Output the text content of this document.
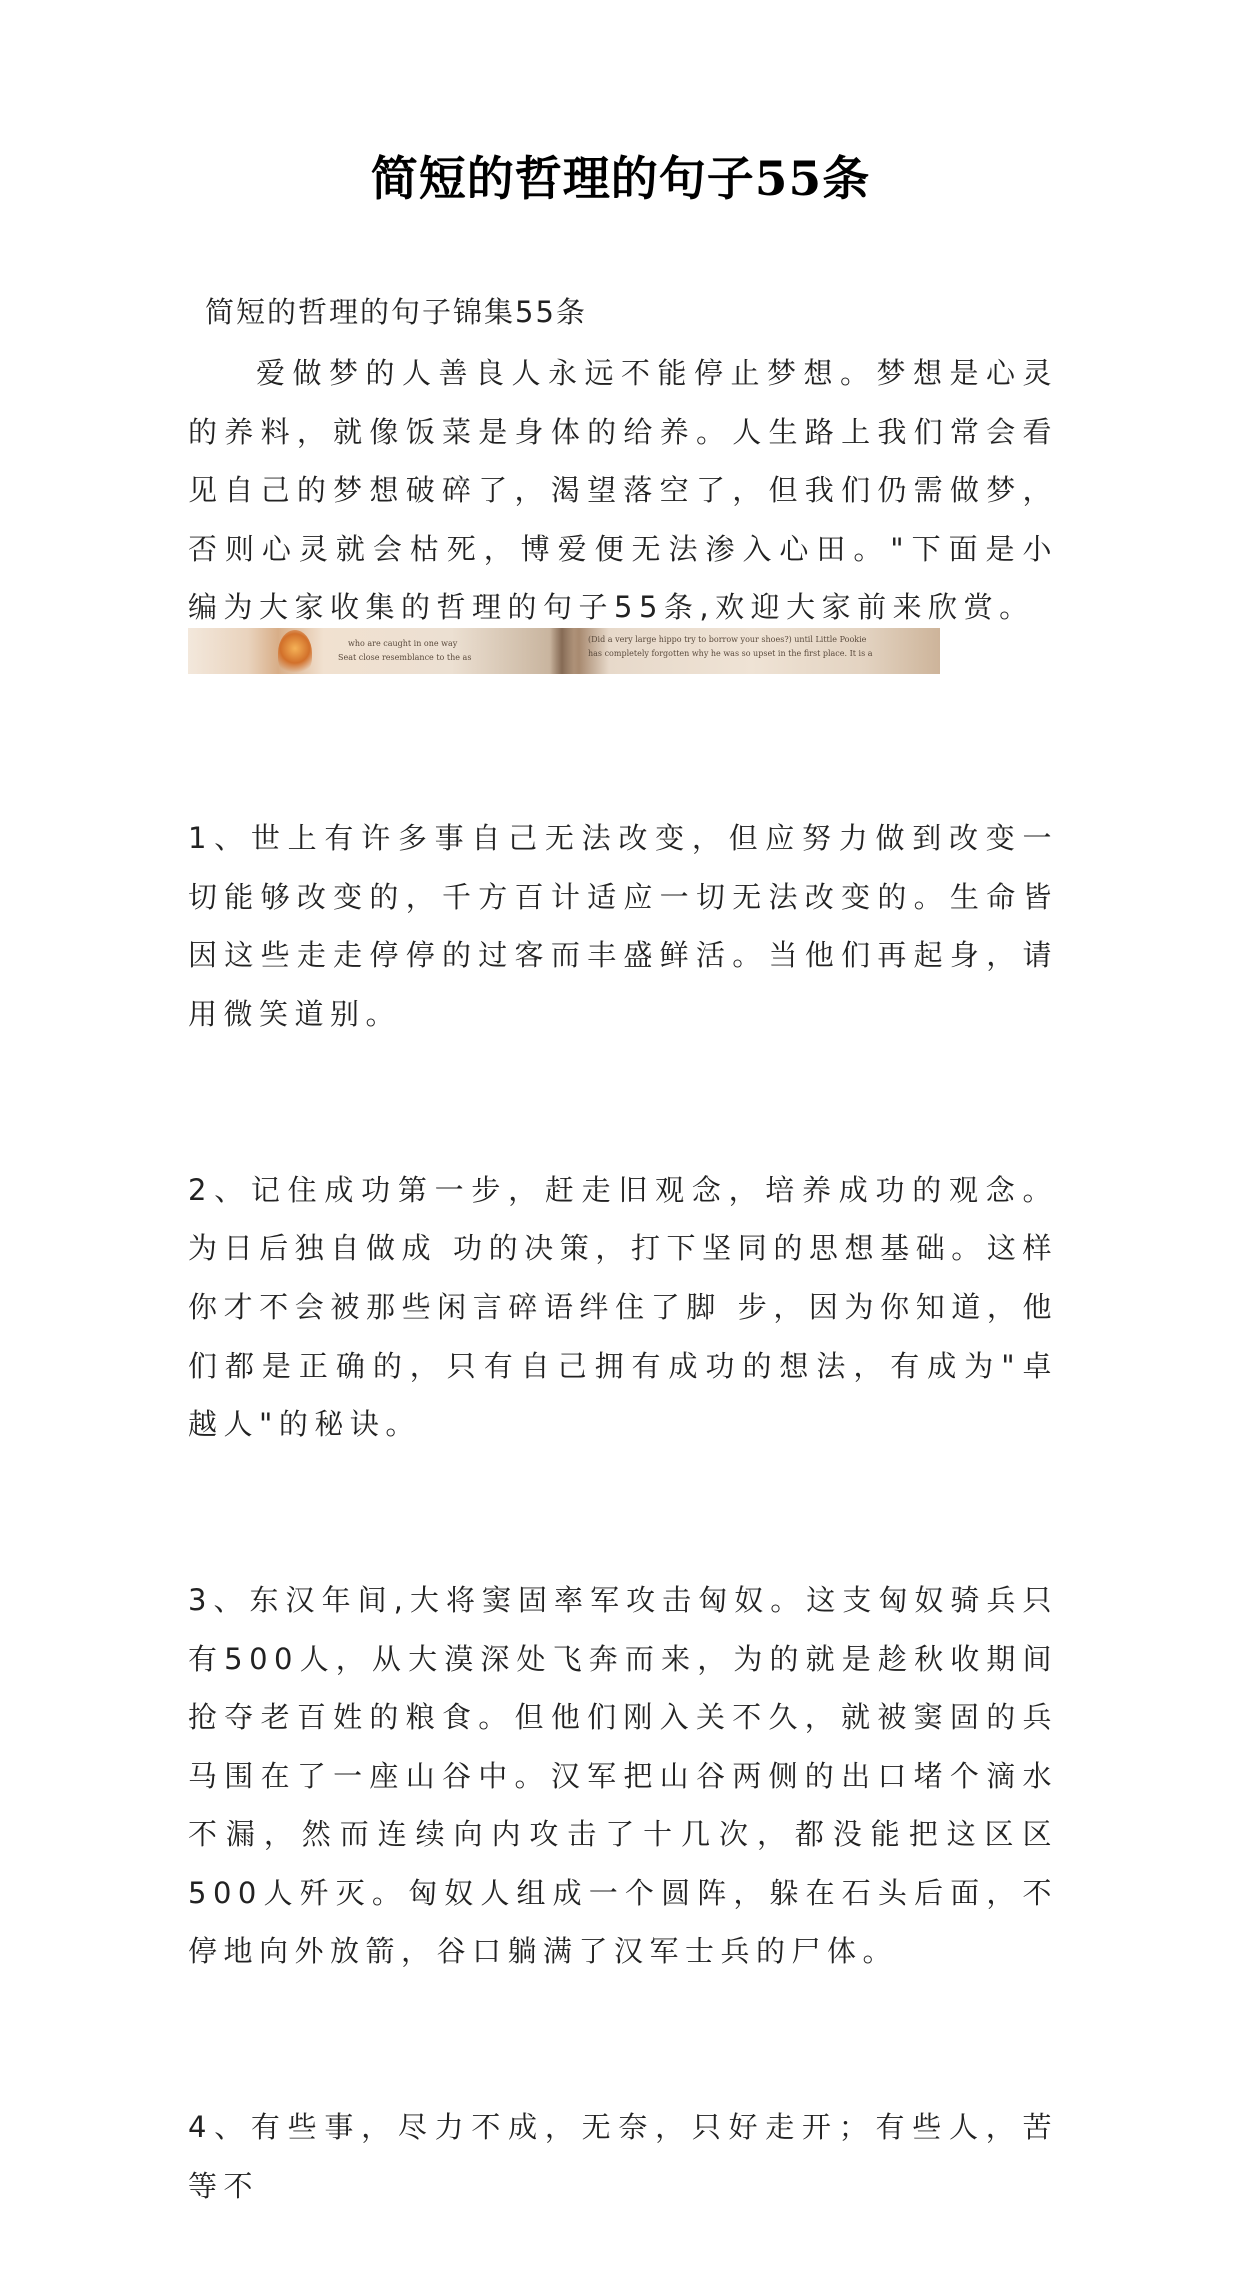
简短的哲理的句子55条
简短的哲理的句子锦集55条
爱做梦的人善良人永远不能停止梦想。梦想是心灵的养料，就像饭菜是身体的给养。人生路上我们常会看见自己的梦想破碎了，渴望落空了，但我们仍需做梦，否则心灵就会枯死，博爱便无法渗入心田。"下面是小编为大家收集的哲理的句子55条,欢迎大家前来欣赏。
who are caught in one way
Seat close resemblance to the as
(Did a very large hippo try to borrow your shoes?) until Little Pookie
has completely forgotten why he was so upset in the first place. It is a

1、世上有许多事自己无法改变，但应努力做到改变一切能够改变的，千方百计适应一切无法改变的。生命皆因这些走走停停的过客而丰盛鲜活。当他们再起身，请用微笑道别。

2、记住成功第一步，赶走旧观念，培养成功的观念。为日后独自做成 功的决策，打下坚同的思想基础。这样你才不会被那些闲言碎语绊住了脚 步，因为你知道，他们都是正确的，只有自己拥有成功的想法，有成为"卓 越人"的秘诀。

3、东汉年间,大将窦固率军攻击匈奴。这支匈奴骑兵只有500人，从大漠深处飞奔而来，为的就是趁秋收期间抢夺老百姓的粮食。但他们刚入关不久，就被窦固的兵马围在了一座山谷中。汉军把山谷两侧的出口堵个滴水不漏，然而连续向内攻击了十几次，都没能把这区区500人歼灭。匈奴人组成一个圆阵，躲在石头后面，不停地向外放箭，谷口躺满了汉军士兵的尸体。

4、有些事，尽力不成，无奈，只好走开；有些人，苦等不
